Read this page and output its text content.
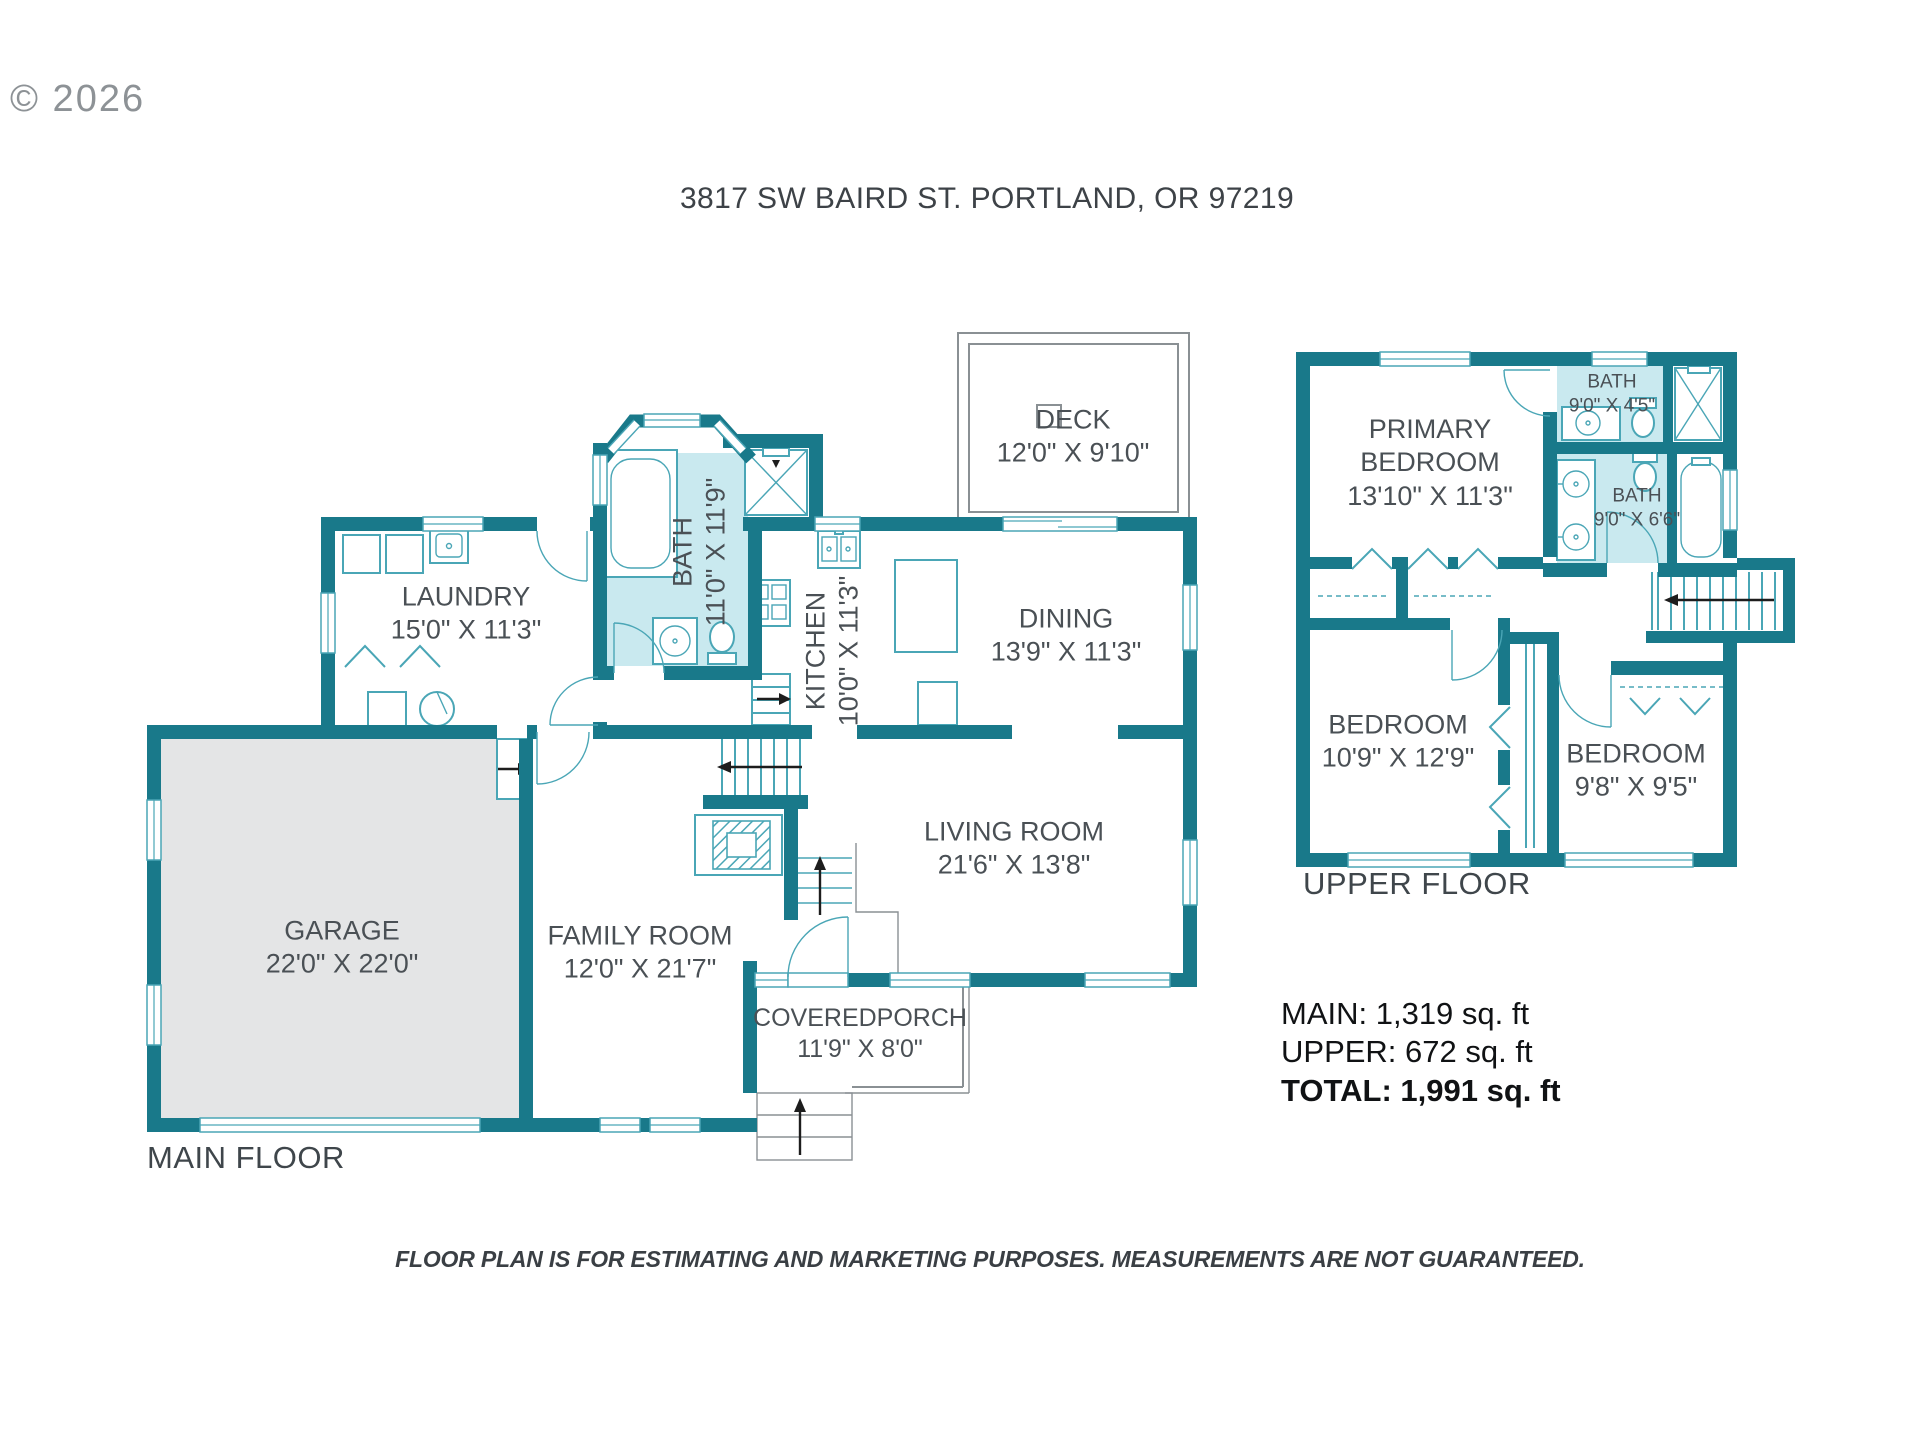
© 2026
3817 SW BAIRD ST. PORTLAND, OR 97219
DECK
12'0" X 9'10"
LAUNDRY
15'0" X 11'3"
BATH 11'0" X 11'9"
KITCHEN 10'0" X 11'3"	DINING
13'9" X 11'3"
LIVING ROOM
21'6" X 13'8"
FAMILY ROOM
12'0" X 21'7"
GARAGE
22'0" X 22'0"
COVEREDPORCH
11'9" X 8'0"
PRIMARY BEDROOM
13'10" X 11'3"
BATH
9'0" X 4'5"
BATH
9'0" X 6'6"
BEDROOM
10'9" X 12'9"	BEDROOM
9'8" X 9'5"
MAIN FLOOR
UPPER FLOOR
MAIN: 1,319 sq. ft
UPPER: 672 sq. ft
TOTAL: 1,991 sq. ft
FLOOR PLAN IS FOR ESTIMATING AND MARKETING PURPOSES. MEASUREMENTS ARE NOT GUARANTEED.
